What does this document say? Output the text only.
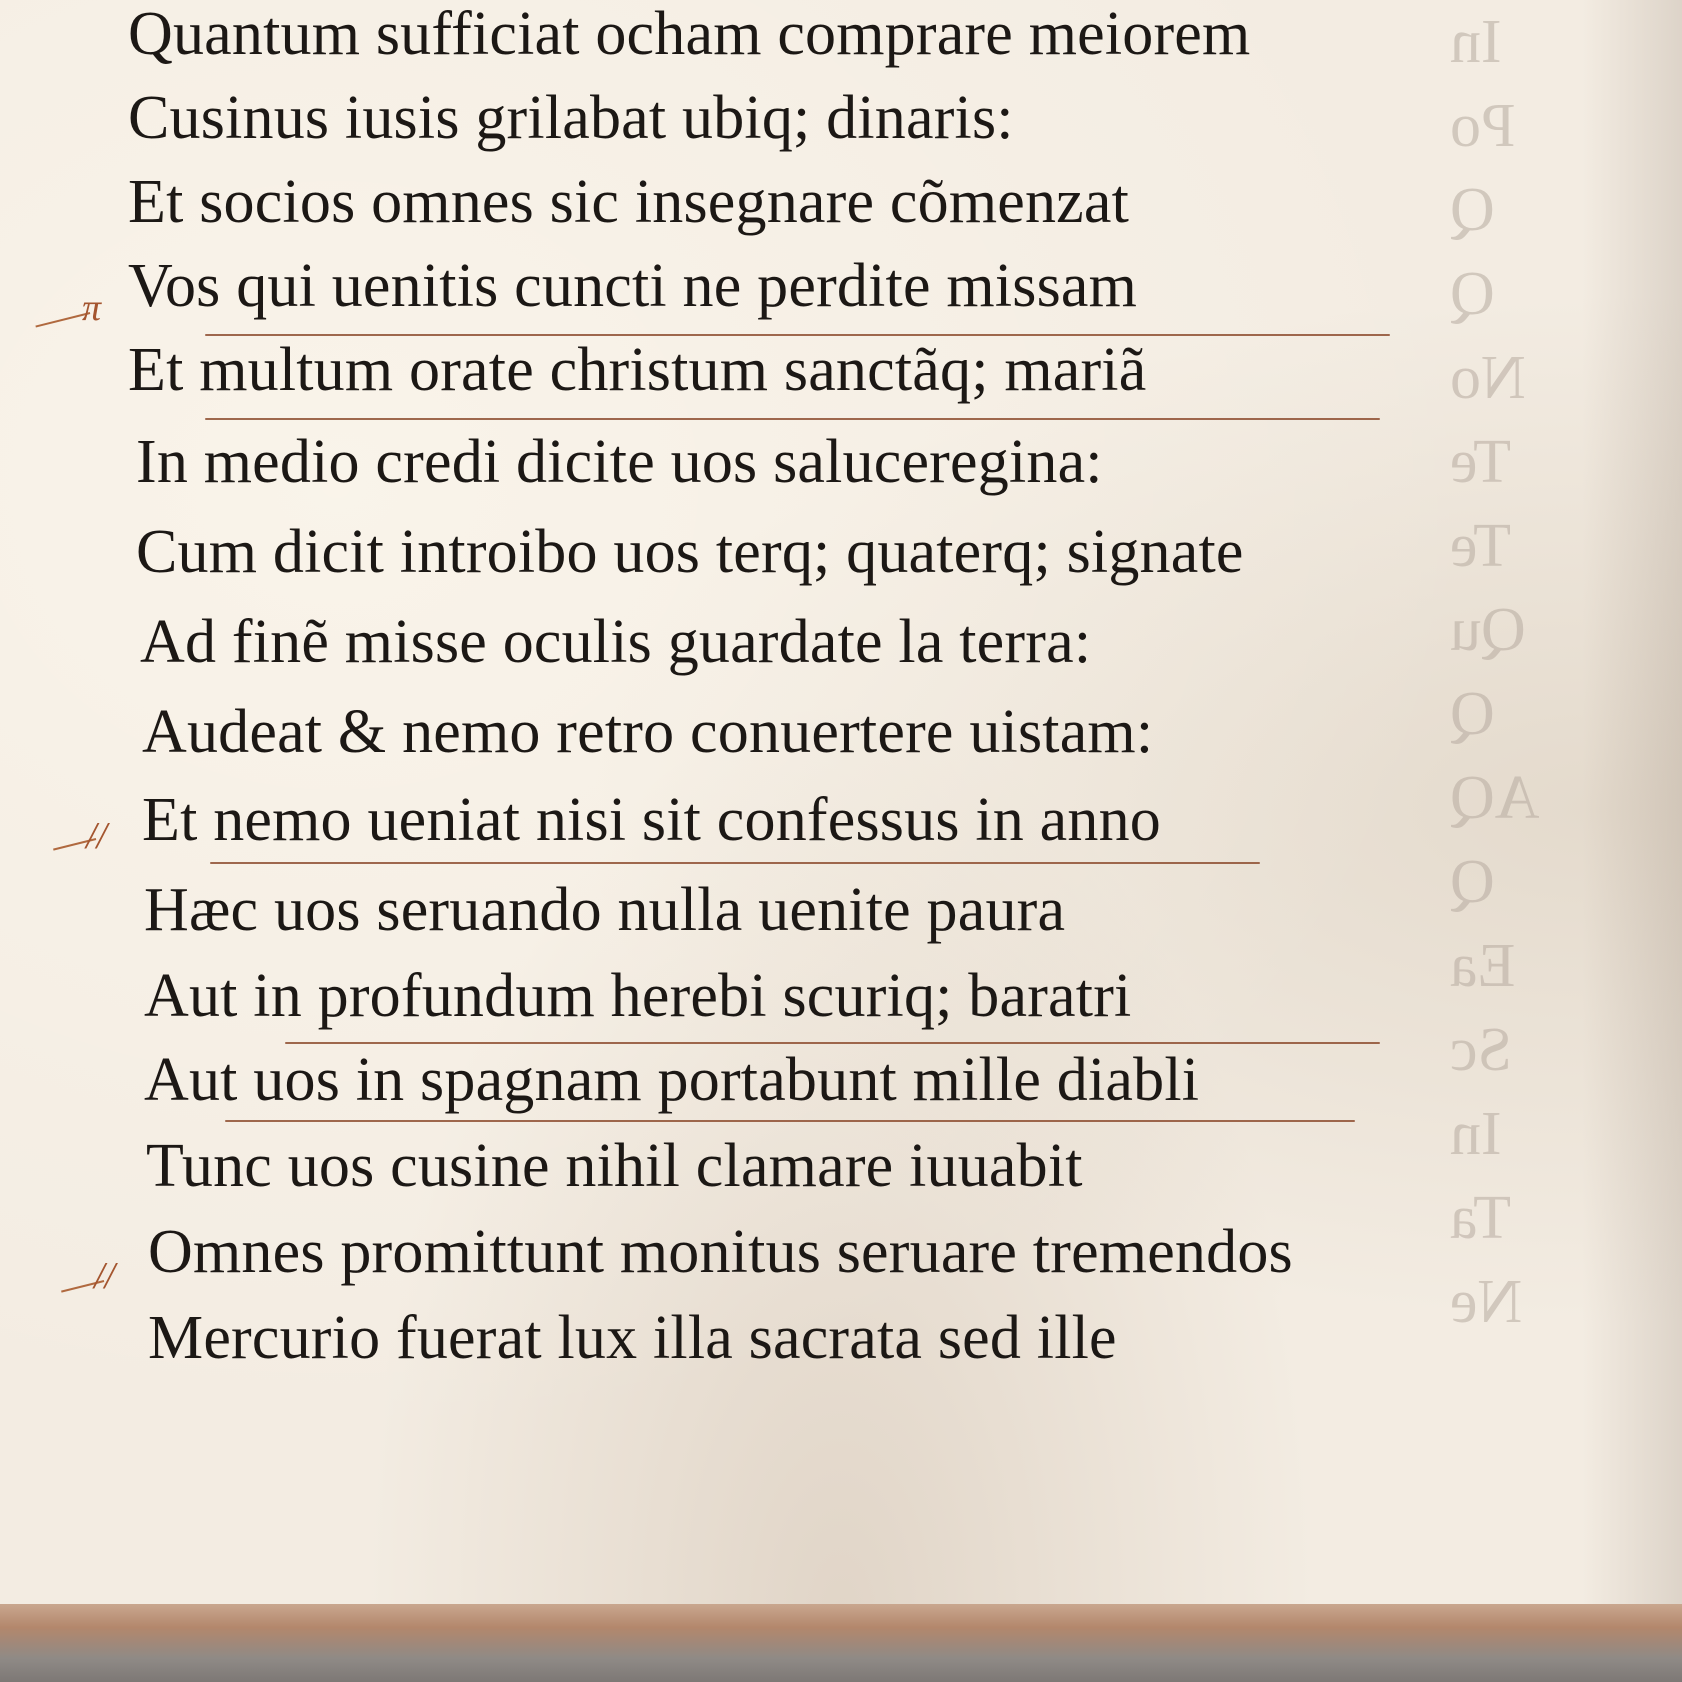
In
Po
Q
Q
No
Te
Te
Qu
Q
AQ
Q
Ea
Sc
In
Ta
Ne
Quantum sufficiat ocham comprare meiorem
Cusinus iusis grilabat ubiq; dinaris:
Et socios omnes sic insegnare cõmenzat
Vos qui uenitis cuncti ne perdite missam
Et multum orate christum sanctãq; mariã
In medio credi dicite uos saluceregina:
Cum dicit introibo uos terq; quaterq; signate
Ad finẽ misse oculis guardate la terra:
Audeat & nemo retro conuertere uistam:
Et nemo ueniat nisi sit confessus in anno
Hæc uos seruando nulla uenite paura
Aut in profundum herebi scuriq; baratri
Aut uos in spagnam portabunt mille diabli
Tunc uos cusine nihil clamare iuuabit
Omnes promittunt monitus seruare tremendos
Mercurio fuerat lux illa sacrata sed ille
π
//
//
